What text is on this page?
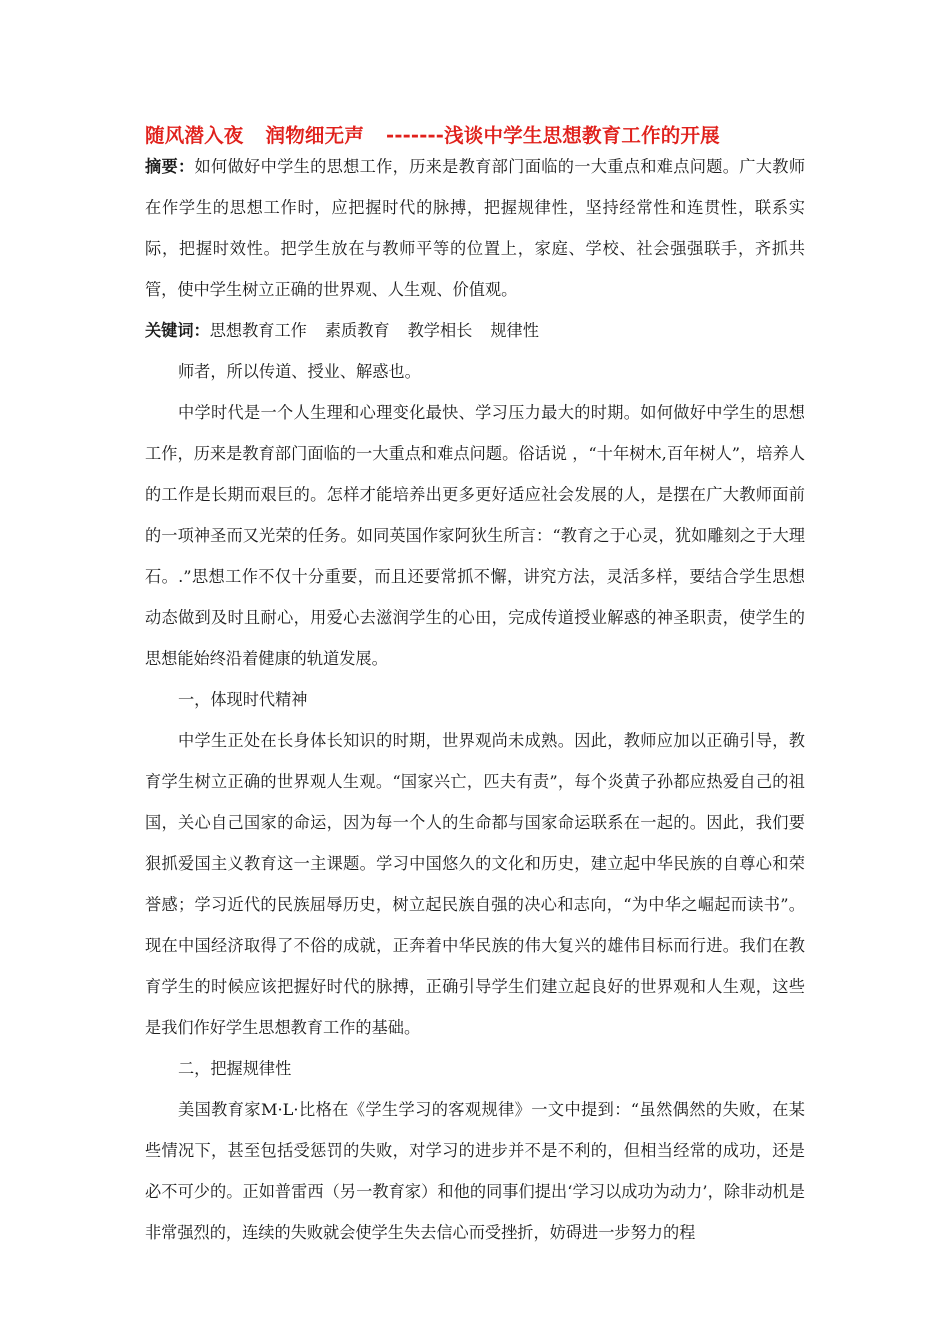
随风潜入夜 润物细无声 -------浅谈中学生思想教育工作的开展

摘要：如何做好中学生的思想工作，历来是教育部门面临的一大重点和难点问题。广大教师在作学生的思想工作时，应把握时代的脉搏，把握规律性，坚持经常性和连贯性，联系实际，把握时效性。把学生放在与教师平等的位置上，家庭、学校、社会强强联手，齐抓共管，使中学生树立正确的世界观、人生观、价值观。

关键词：思想教育工作 素质教育 教学相长 规律性

师者，所以传道、授业、解惑也。

中学时代是一个人生理和心理变化最快、学习压力最大的时期。如何做好中学生的思想工作，历来是教育部门面临的一大重点和难点问题。俗话说 ，“十年树木,百年树人”，培养人的工作是长期而艰巨的。怎样才能培养出更多更好适应社会发展的人，是摆在广大教师面前的一项神圣而又光荣的任务。如同英国作家阿狄生所言：“教育之于心灵，犹如雕刻之于大理石。.”思想工作不仅十分重要，而且还要常抓不懈，讲究方法，灵活多样，要结合学生思想动态做到及时且耐心，用爱心去滋润学生的心田，完成传道授业解惑的神圣职责，使学生的思想能始终沿着健康的轨道发展。

一，体现时代精神

中学生正处在长身体长知识的时期，世界观尚未成熟。因此，教师应加以正确引导，教育学生树立正确的世界观人生观。“国家兴亡，匹夫有责”，每个炎黄子孙都应热爱自己的祖国，关心自己国家的命运，因为每一个人的生命都与国家命运联系在一起的。因此，我们要狠抓爱国主义教育这一主课题。学习中国悠久的文化和历史，建立起中华民族的自尊心和荣誉感；学习近代的民族屈辱历史，树立起民族自强的决心和志向，“为中华之崛起而读书”。现在中国经济取得了不俗的成就，正奔着中华民族的伟大复兴的雄伟目标而行进。我们在教育学生的时候应该把握好时代的脉搏，正确引导学生们建立起良好的世界观和人生观，这些是我们作好学生思想教育工作的基础。

二，把握规律性

美国教育家M·L·比格在《学生学习的客观规律》一文中提到：“虽然偶然的失败，在某些情况下，甚至包括受惩罚的失败，对学习的进步并不是不利的，但相当经常的成功，还是必不可少的。正如普雷西（另一教育家）和他的同事们提出‘学习以成功为动力’，除非动机是非常强烈的，连续的失败就会使学生失去信心而受挫折，妨碍进一步努力的程
